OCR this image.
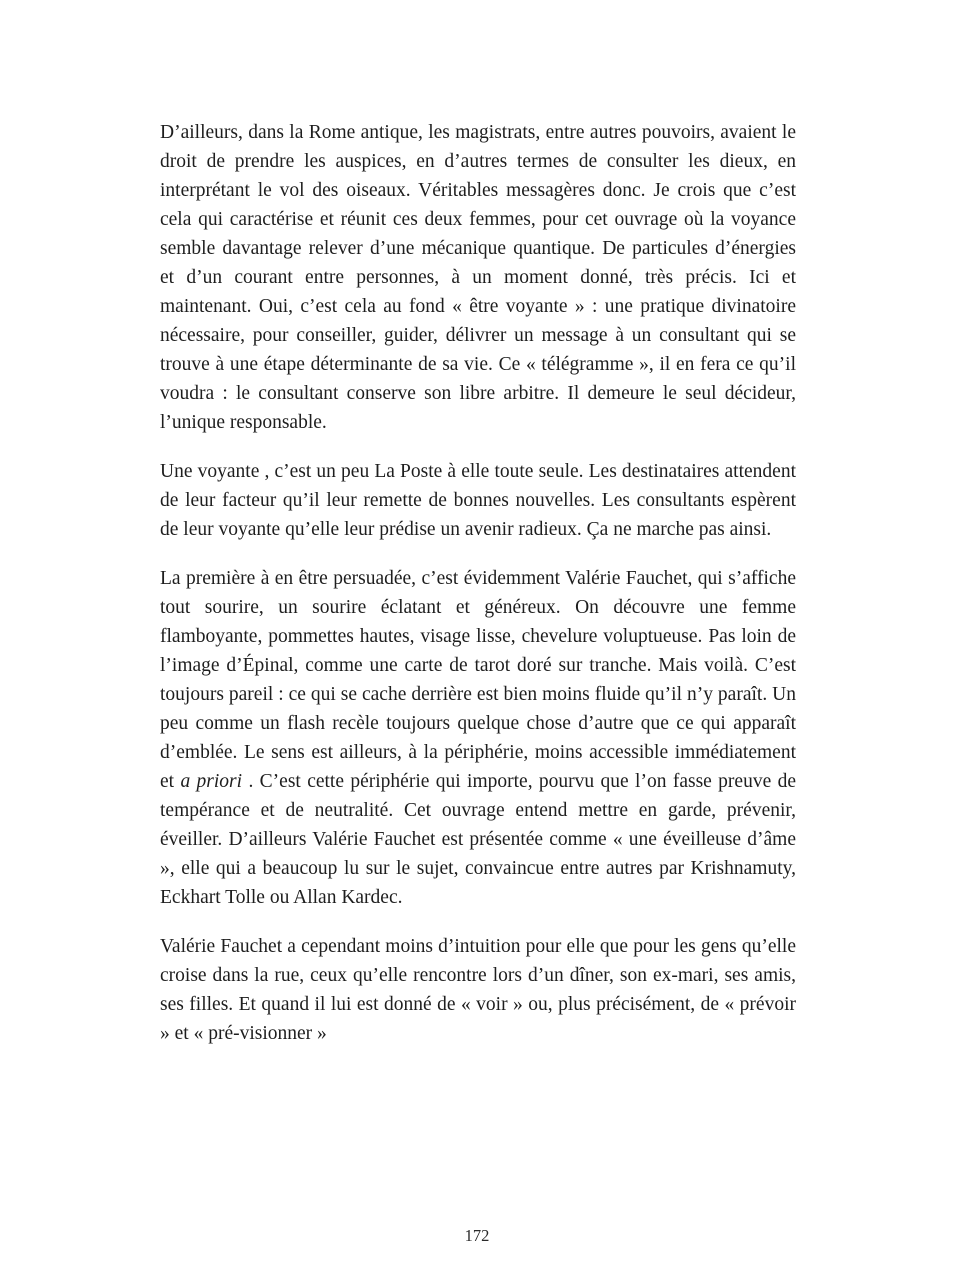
D’ailleurs, dans la Rome antique, les magistrats, entre autres pouvoirs, avaient le droit de prendre les auspices, en d’autres termes de consulter les dieux, en interprétant le vol des oiseaux. Véritables messagères donc. Je crois que c’est cela qui caractérise et réunit ces deux femmes, pour cet ouvrage où la voyance semble davantage relever d’une mécanique quantique. De particules d’énergies et d’un courant entre personnes, à un moment donné, très précis. Ici et maintenant. Oui, c’est cela au fond « être voyante » : une pratique divinatoire nécessaire, pour conseiller, guider, délivrer un message à un consultant qui se trouve à une étape déterminante de sa vie. Ce « télégramme », il en fera ce qu’il voudra : le consultant conserve son libre arbitre. Il demeure le seul décideur, l’unique responsable.

Une voyante , c’est un peu La Poste à elle toute seule. Les destinataires attendent de leur facteur qu’il leur remette de bonnes nouvelles. Les consultants espèrent de leur voyante qu’elle leur prédise un avenir radieux. Ça ne marche pas ainsi.

La première à en être persuadée, c’est évidemment Valérie Fauchet, qui s’affiche tout sourire, un sourire éclatant et généreux. On découvre une femme flamboyante, pommettes hautes, visage lisse, chevelure voluptueuse. Pas loin de l’image d’Épinal, comme une carte de tarot doré sur tranche. Mais voilà. C’est toujours pareil : ce qui se cache derrière est bien moins fluide qu’il n’y paraît. Un peu comme un flash recèle toujours quelque chose d’autre que ce qui apparaît d’emblée. Le sens est ailleurs, à la périphérie, moins accessible immédiatement et a priori . C’est cette périphérie qui importe, pourvu que l’on fasse preuve de tempérance et de neutralité. Cet ouvrage entend mettre en garde, prévenir, éveiller. D’ailleurs Valérie Fauchet est présentée comme « une éveilleuse d’âme », elle qui a beaucoup lu sur le sujet, convaincue entre autres par Krishnamuty, Eckhart Tolle ou Allan Kardec.

Valérie Fauchet a cependant moins d’intuition pour elle que pour les gens qu’elle croise dans la rue, ceux qu’elle rencontre lors d’un dîner, son ex-mari, ses amis, ses filles. Et quand il lui est donné de « voir » ou, plus précisément, de « prévoir » et « pré-visionner »

172
